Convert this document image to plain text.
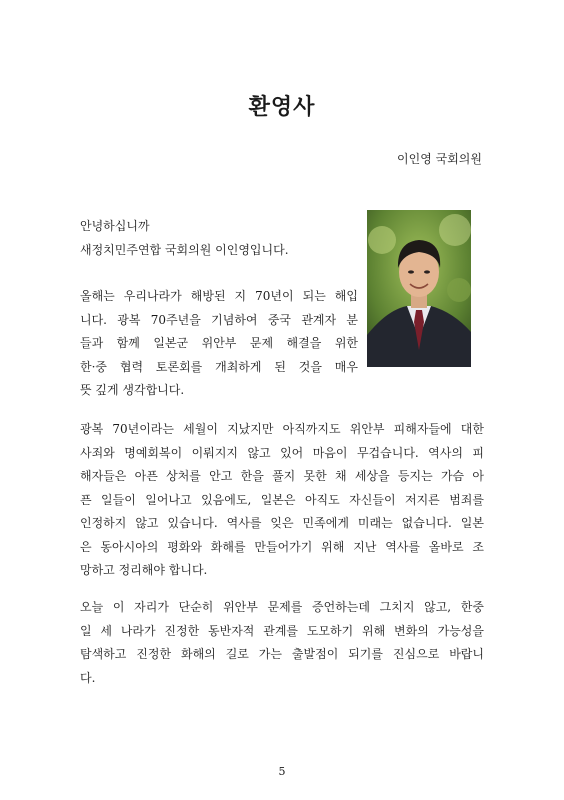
환영사

이인영 국회의원

안녕하십니까
새정치민주연합 국회의원 이인영입니다.
올해는 우리나라가 해방된 지 70년이 되는 해입
니다. 광복 70주년을 기념하여 중국 관계자 분
들과 함께 일본군 위안부 문제 해결을 위한
한·중 협력 토론회를 개최하게 된 것을 매우
뜻 깊게 생각합니다.
광복 70년이라는 세월이 지났지만 아직까지도 위안부 피해자들에 대한
사죄와 명예회복이 이뤄지지 않고 있어 마음이 무겁습니다. 역사의 피
해자들은 아픈 상처를 안고 한을 풀지 못한 채 세상을 등지는 가슴 아
픈 일들이 일어나고 있음에도, 일본은 아직도 자신들이 저지른 범죄를
인정하지 않고 있습니다. 역사를 잊은 민족에게 미래는 없습니다. 일본
은 동아시아의 평화와 화해를 만들어가기 위해 지난 역사를 올바로 조
망하고 정리해야 합니다.
오늘 이 자리가 단순히 위안부 문제를 증언하는데 그치지 않고, 한중
일 세 나라가 진정한 동반자적 관계를 도모하기 위해 변화의 가능성을
탐색하고 진정한 화해의 길로 가는 출발점이 되기를 진심으로 바랍니
다.

5
